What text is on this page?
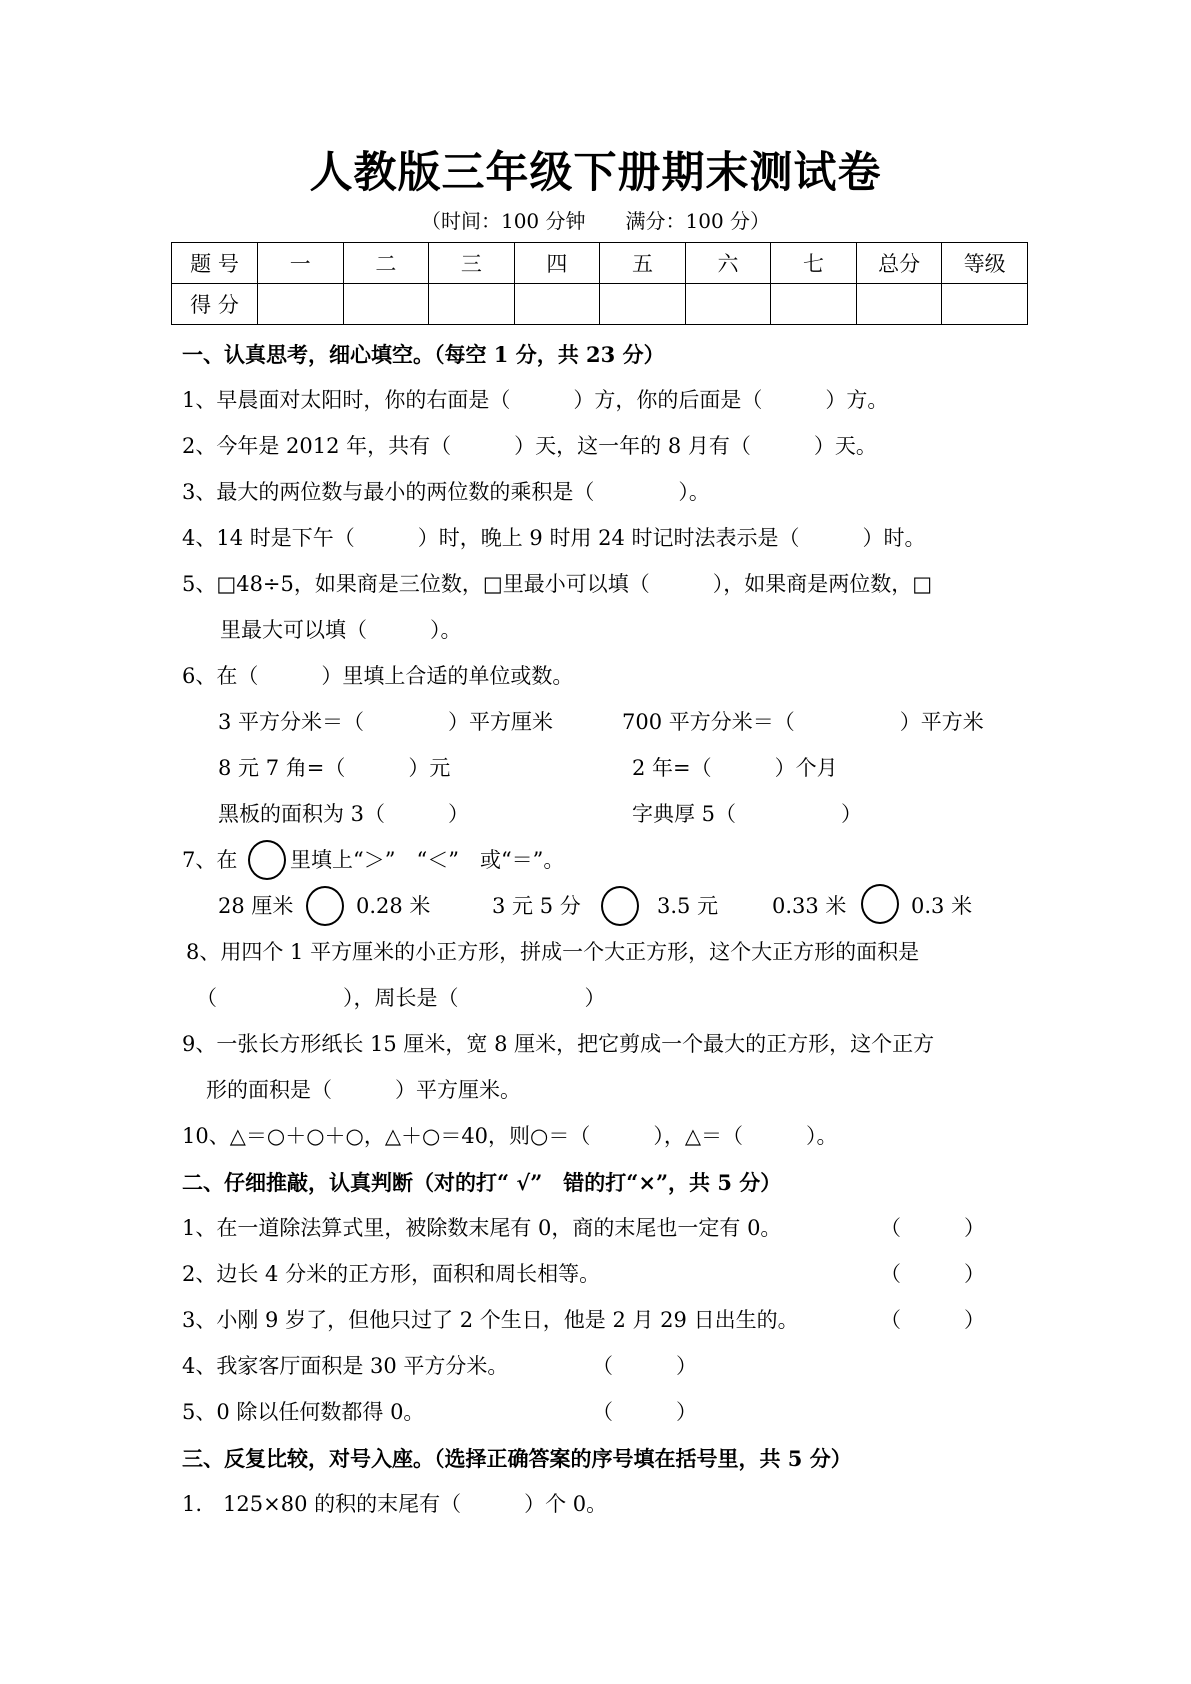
人教版三年级下册期末测试卷
（时间：100 分钟　　满分：100 分）
题 号	一	二	三	四	五	六	七	总分	等级
得 分									
一、认真思考，细心填空。（每空 1 分，共 23 分）
1、早晨面对太阳时，你的右面是（　　　）方，你的后面是（　　　）方。
2、今年是 2012 年，共有（　　　）天，这一年的 8 月有（　　　）天。
3、最大的两位数与最小的两位数的乘积是（　　　　）。
4、14 时是下午（　　　）时，晚上 9 时用 24 时记时法表示是（　　　）时。
5、□48÷5，如果商是三位数，□里最小可以填（　　　），如果商是两位数，□
里最大可以填（　　　）。
6、在（　　　）里填上合适的单位或数。
3 平方分米＝（　　　　）平方厘米	700 平方分米＝（　　　　　）平方米
8 元 7 角=（　　　）元	2 年=（　　　）个月
黑板的面积为 3（　　　）	字典厚 5（　　　　　）
7、在	里填上“＞”　“＜”　或“＝”。
28 厘米	0.28 米	3 元 5 分	3.5 元	0.33 米	0.3 米
8、用四个 1 平方厘米的小正方形，拼成一个大正方形，这个大正方形的面积是
（　　　　　　），周长是（　　　　　　）
9、一张长方形纸长 15 厘米，宽 8 厘米，把它剪成一个最大的正方形，这个正方
形的面积是（　　　）平方厘米。
10、△＝○＋○＋○，△＋○＝40，则○＝（　　　），△＝（　　　）。
二、仔细推敲，认真判断（对的打“ √”　错的打“×”，共 5 分）
1、在一道除法算式里，被除数末尾有 0，商的末尾也一定有 0。	（　　　）
2、边长 4 分米的正方形，面积和周长相等。	（　　　）
3、小刚 9 岁了，但他只过了 2 个生日，他是 2 月 29 日出生的。	（　　　）
4、我家客厅面积是 30 平方分米。	（　　　）
5、0 除以任何数都得 0。	（　　　）
三、反复比较，对号入座。（选择正确答案的序号填在括号里，共 5 分）
1.　125×80 的积的末尾有（　　　）个 0。
